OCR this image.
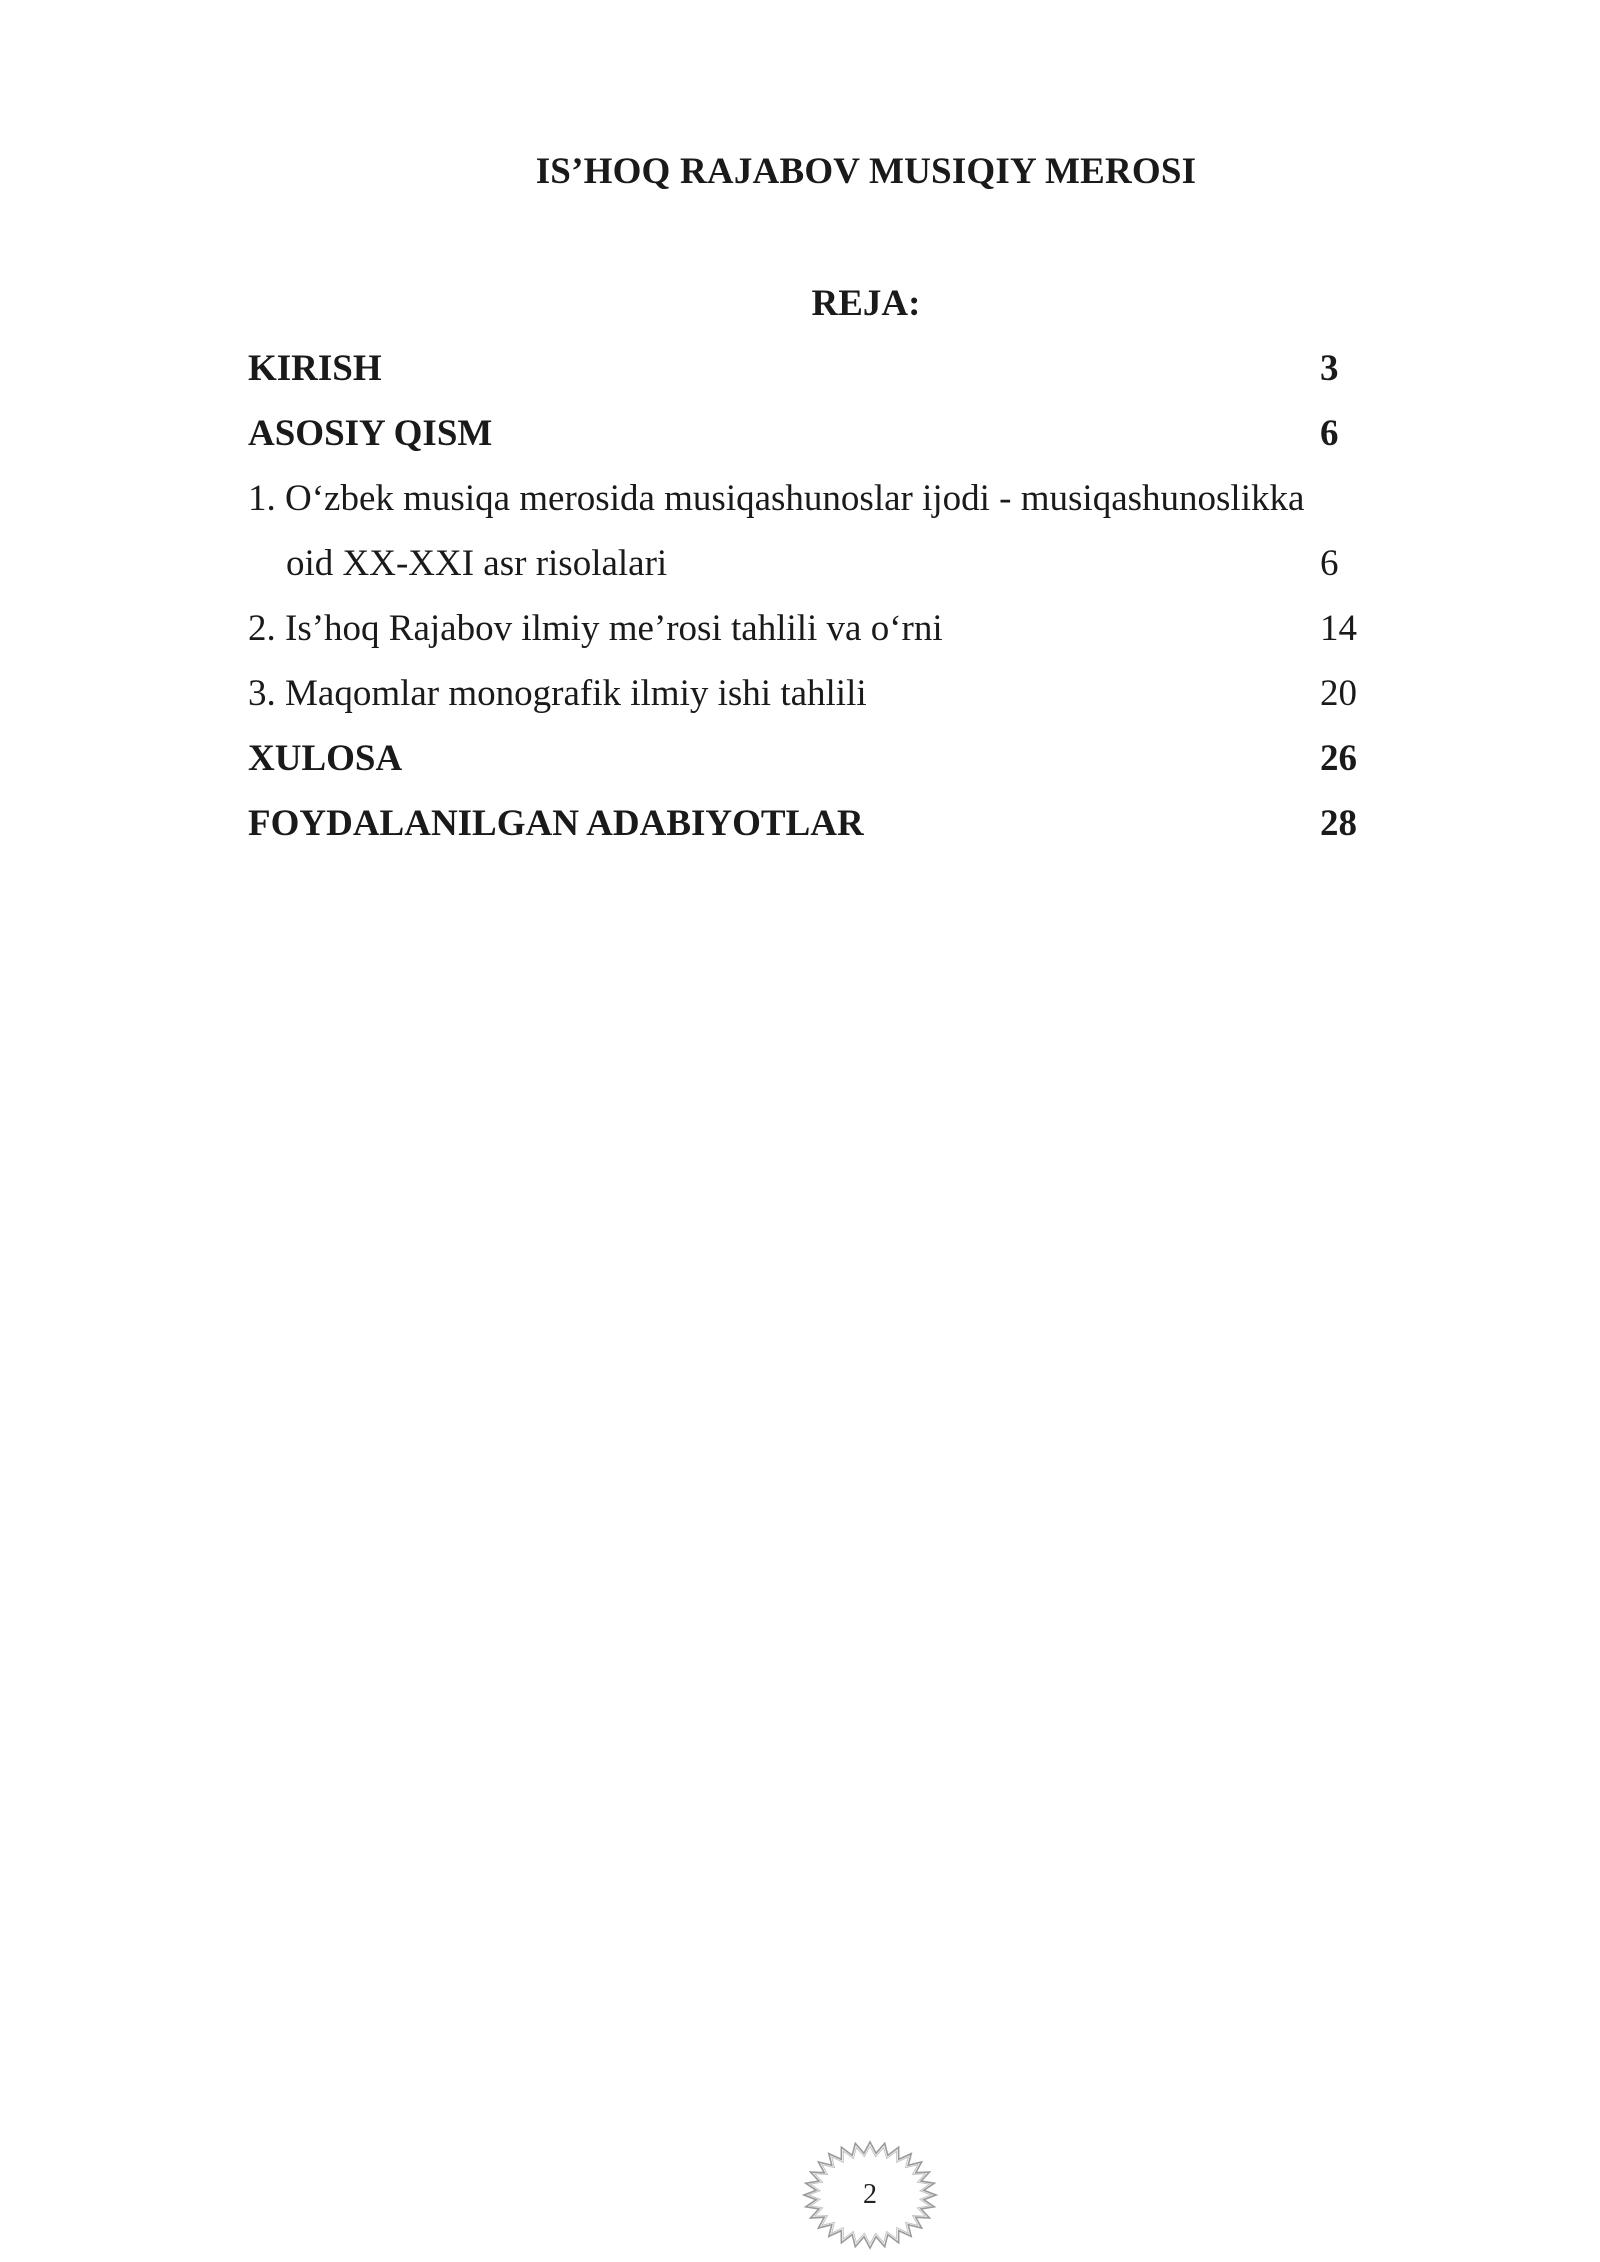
IS’HOQ RAJABOV MUSIQIY MEROSI
REJA:
KIRISH	3
ASOSIY QISM	6
1. O‘zbek musiqa merosida musiqashunoslar ijodi - musiqashunoslikka
oid XX-XXI asr risolalari	6
2. Is’hoq Rajabov ilmiy me’rosi tahlili va o‘rni	14
3. Maqomlar monografik ilmiy ishi tahlili	20
XULOSA	26
FOYDALANILGAN ADABIYOTLAR	28
2
